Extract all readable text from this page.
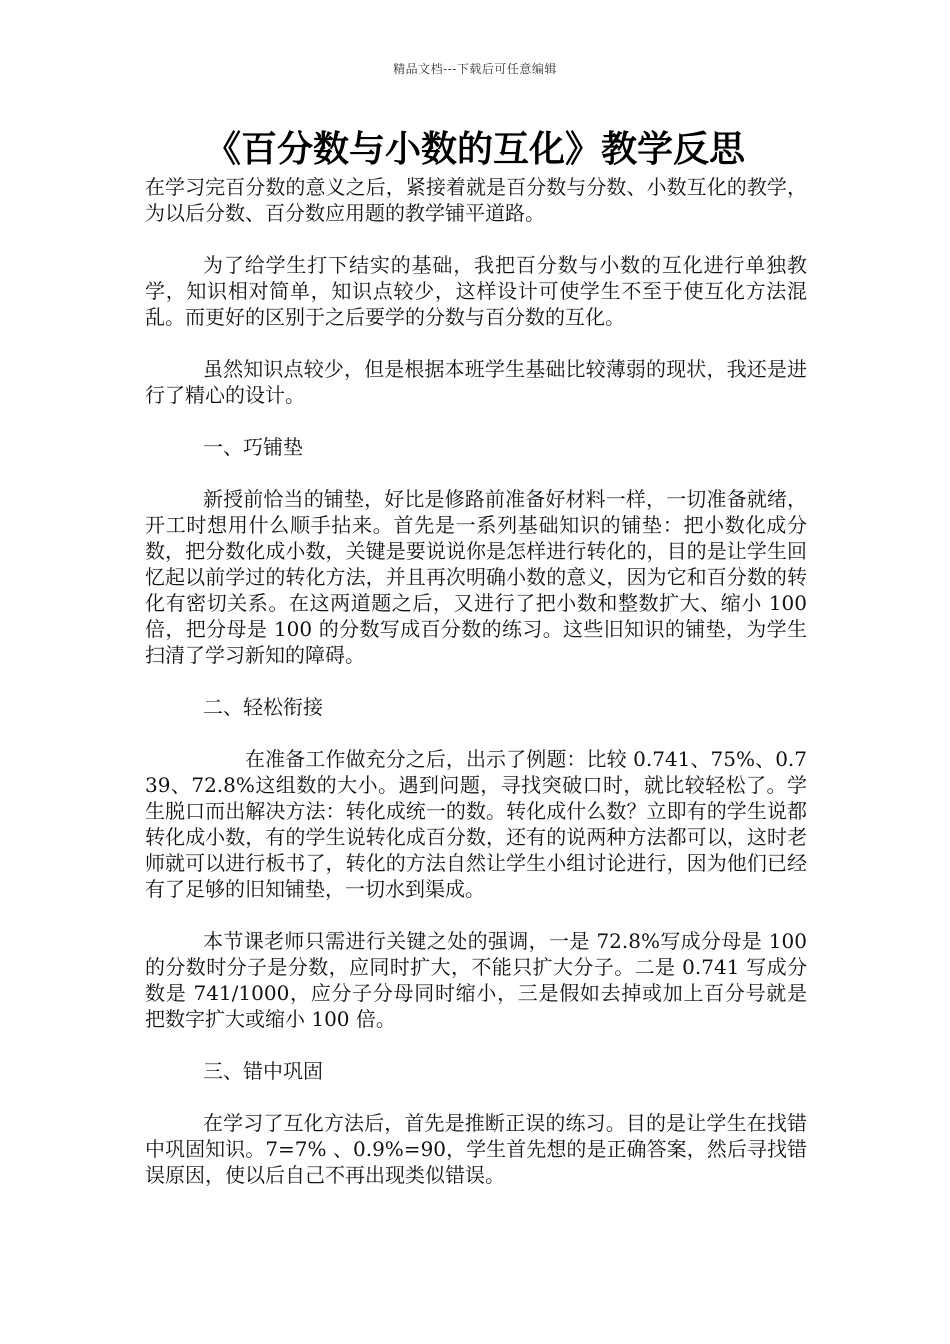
精品文档---下载后可任意编辑
《百分数与小数的互化》教学反思

在学习完百分数的意义之后，紧接着就是百分数与分数、小数互化的教学，为以后分数、百分数应用题的教学铺平道路。

为了给学生打下结实的基础，我把百分数与小数的互化进行单独教学，知识相对简单，知识点较少，这样设计可使学生不至于使互化方法混乱。而更好的区别于之后要学的分数与百分数的互化。

虽然知识点较少，但是根据本班学生基础比较薄弱的现状，我还是进行了精心的设计。

一、巧铺垫

新授前恰当的铺垫，好比是修路前准备好材料一样，一切准备就绪，开工时想用什么顺手拈来。首先是一系列基础知识的铺垫：把小数化成分数，把分数化成小数，关键是要说说你是怎样进行转化的，目的是让学生回忆起以前学过的转化方法，并且再次明确小数的意义，因为它和百分数的转化有密切关系。在这两道题之后，又进行了把小数和整数扩大、缩小 100 倍，把分母是 100 的分数写成百分数的练习。这些旧知识的铺垫，为学生扫清了学习新知的障碍。

二、轻松衔接

在准备工作做充分之后，出示了例题：比较 0.741、75%、0.739、72.8%这组数的大小。遇到问题，寻找突破口时，就比较轻松了。学生脱口而出解决方法：转化成统一的数。转化成什么数？立即有的学生说都转化成小数，有的学生说转化成百分数，还有的说两种方法都可以，这时老师就可以进行板书了，转化的方法自然让学生小组讨论进行，因为他们已经有了足够的旧知铺垫，一切水到渠成。

本节课老师只需进行关键之处的强调，一是 72.8%写成分母是 100 的分数时分子是分数，应同时扩大，不能只扩大分子。二是 0.741 写成分数是 741/1000，应分子分母同时缩小，三是假如去掉或加上百分号就是把数字扩大或缩小 100 倍。

三、错中巩固

在学习了互化方法后，首先是推断正误的练习。目的是让学生在找错中巩固知识。7=7% 、0.9%=90，学生首先想的是正确答案，然后寻找错误原因，使以后自己不再出现类似错误。
